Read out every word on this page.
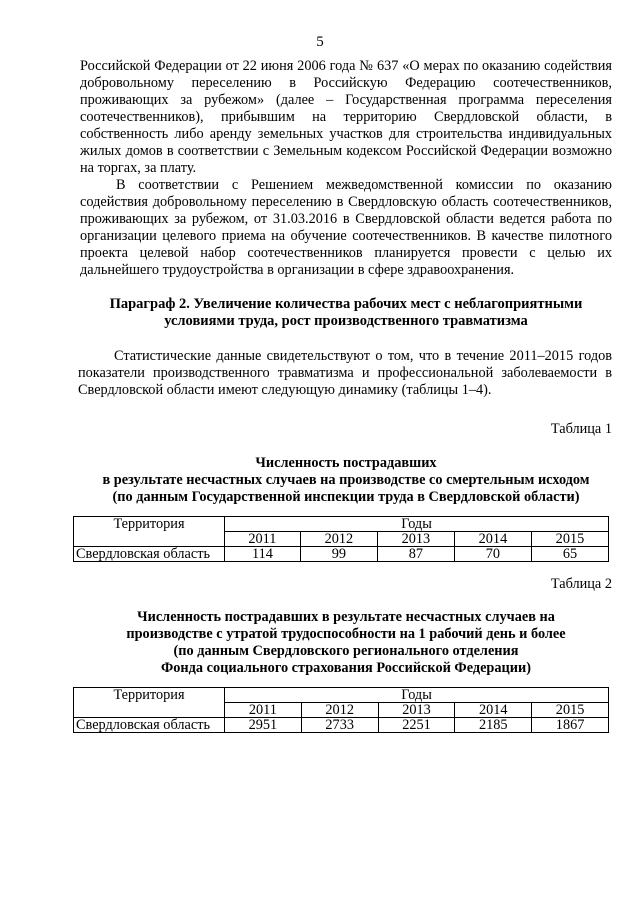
5

Российской Федерации от 22 июня 2006 года № 637 «О мерах по оказанию содействия добровольному переселению в Российскую Федерацию соотечественников, проживающих за рубежом» (далее – Государственная программа переселения соотечественников), прибывшим на территорию Свердловской области, в собственность либо аренду земельных участков для строительства индивидуальных жилых домов в соответствии с Земельным кодексом Российской Федерации возможно на торгах, за плату.

В соответствии с Решением межведомственной комиссии по оказанию содействия добровольному переселению в Свердловскую область соотечественников, проживающих за рубежом, от 31.03.2016 в Свердловской области ведется работа по организации целевого приема на обучение соотечественников. В качестве пилотного проекта целевой набор соотечественников планируется провести с целью их дальнейшего трудоустройства в организации в сфере здравоохранения.

Параграф 2. Увеличение количества рабочих мест с неблагоприятными условиями труда, рост производственного травматизма

Статистические данные свидетельствуют о том, что в течение 2011–2015 годов показатели производственного травматизма и профессиональной заболеваемости в Свердловской области имеют следующую динамику (таблицы 1–4).

Таблица 1
Численность пострадавших
в результате несчастных случаев на производстве со смертельным исходом
(по данным Государственной инспекции труда в Свердловской области)
Территория	Годы				
	2011	2012	2013	2014	2015
Свердловская область	114	99	87	70	65
Таблица 2
Численность пострадавших в результате несчастных случаев на
производстве с утратой трудоспособности на 1 рабочий день и более
(по данным Свердловского регионального отделения
Фонда социального страхования Российской Федерации)
Территория	Годы				
	2011	2012	2013	2014	2015
Свердловская область	2951	2733	2251	2185	1867
